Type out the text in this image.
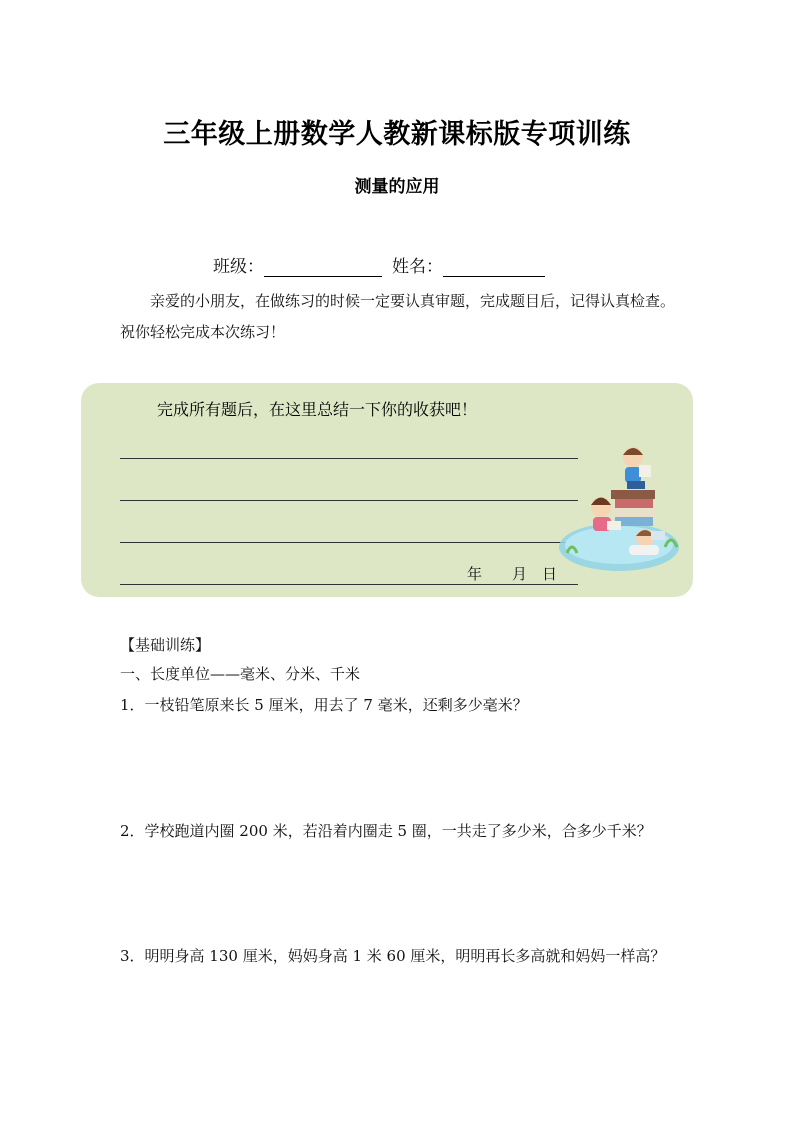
三年级上册数学人教新课标版专项训练
测量的应用
班级：	姓名：
亲爱的小朋友，在做练习的时候一定要认真审题，完成题目后，记得认真检查。祝你轻松完成本次练习！
完成所有题后，在这里总结一下你的收获吧！
年	月 日
【基础训练】
一、长度单位——毫米、分米、千米
1．一枝铅笔原来长 5 厘米，用去了 7 毫米，还剩多少毫米？
2．学校跑道内圈 200 米，若沿着内圈走 5 圈，一共走了多少米，合多少千米？
3．明明身高 130 厘米，妈妈身高 1 米 60 厘米，明明再长多高就和妈妈一样高？
